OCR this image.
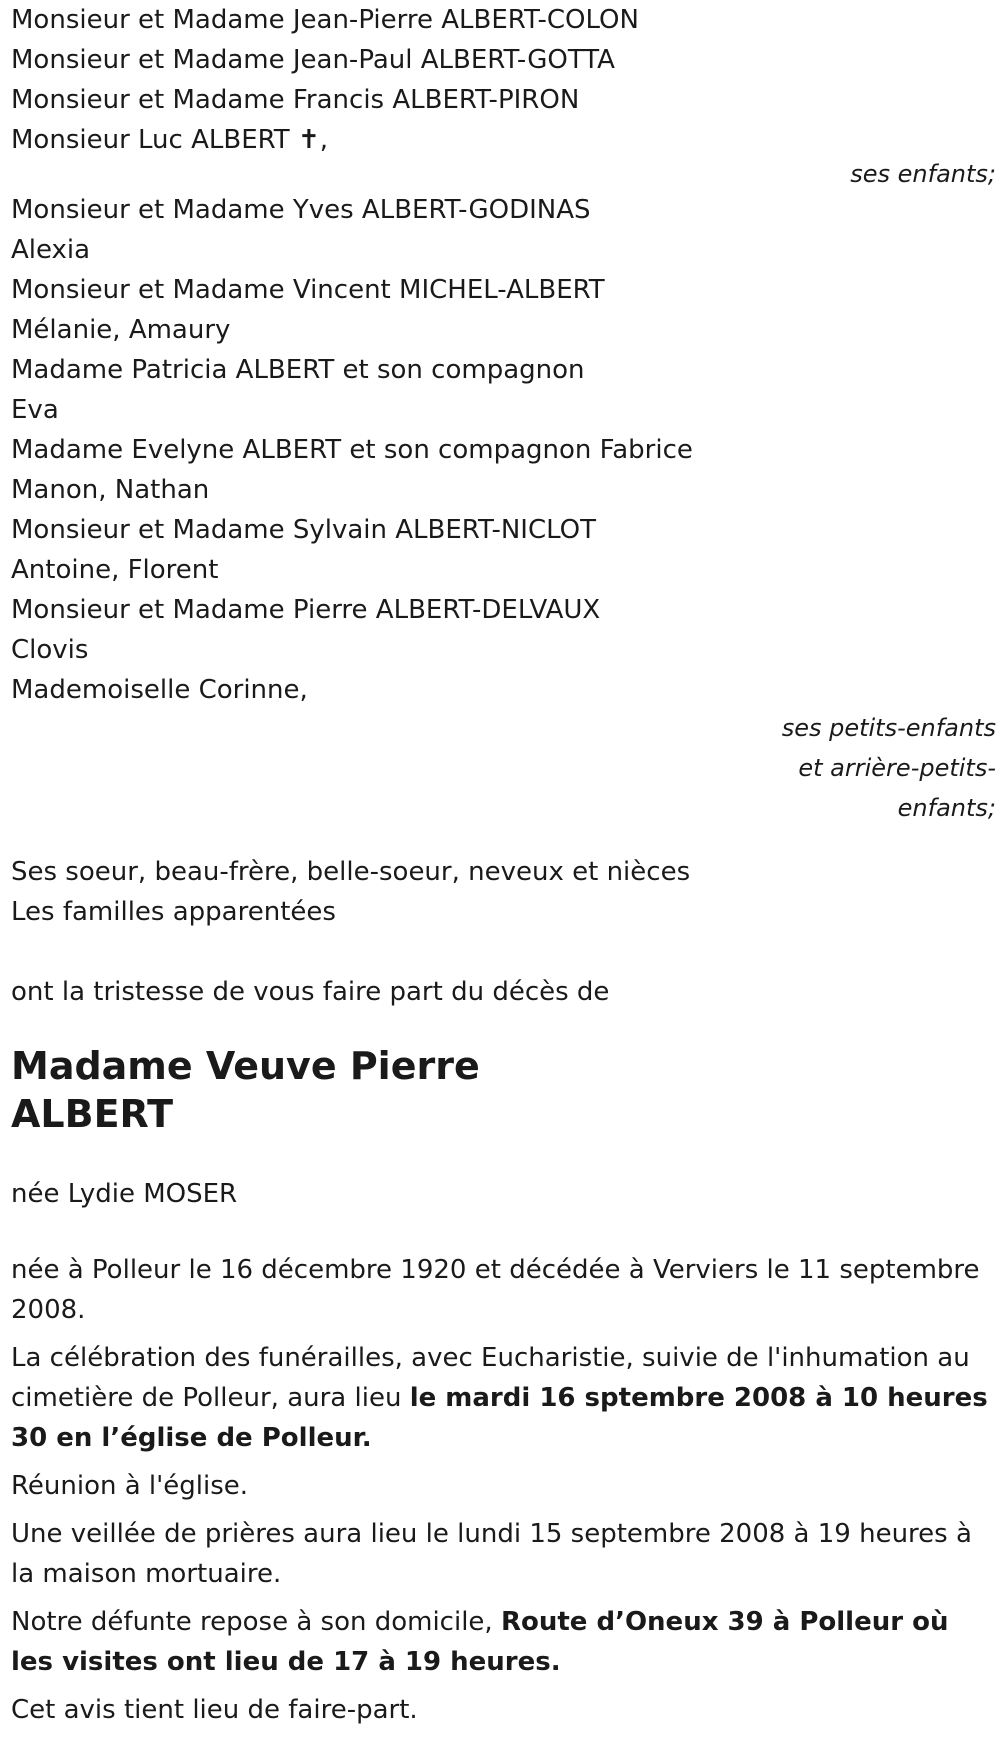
Monsieur et Madame Jean-Pierre ALBERT-COLON
Monsieur et Madame Jean-Paul ALBERT-GOTTA
Monsieur et Madame Francis ALBERT-PIRON
Monsieur Luc ALBERT ✝,
ses enfants;
Monsieur et Madame Yves ALBERT-GODINAS
Alexia
Monsieur et Madame Vincent MICHEL-ALBERT
Mélanie, Amaury
Madame Patricia ALBERT et son compagnon
Eva
Madame Evelyne ALBERT et son compagnon Fabrice
Manon, Nathan
Monsieur et Madame Sylvain ALBERT-NICLOT
Antoine, Florent
Monsieur et Madame Pierre ALBERT-DELVAUX
Clovis
Mademoiselle Corinne,
ses petits-enfants
et arrière-petits-
enfants;
Ses soeur, beau-frère, belle-soeur, neveux et nièces
Les familles apparentées
ont la tristesse de vous faire part du décès de
Madame Veuve Pierre
ALBERT
née Lydie MOSER
née à Polleur le 16 décembre 1920 et décédée à Verviers le 11 septembre 2008.
La célébration des funérailles, avec Eucharistie, suivie de l'inhumation au cimetière de Polleur, aura lieu le mardi 16 sptembre 2008 à 10 heures 30 en l’église de Polleur.
Réunion à l'église.
Une veillée de prières aura lieu le lundi 15 septembre 2008 à 19 heures à la maison mortuaire.
Notre défunte repose à son domicile, Route d’Oneux 39 à Polleur où les visites ont lieu de 17 à 19 heures.
Cet avis tient lieu de faire-part.
